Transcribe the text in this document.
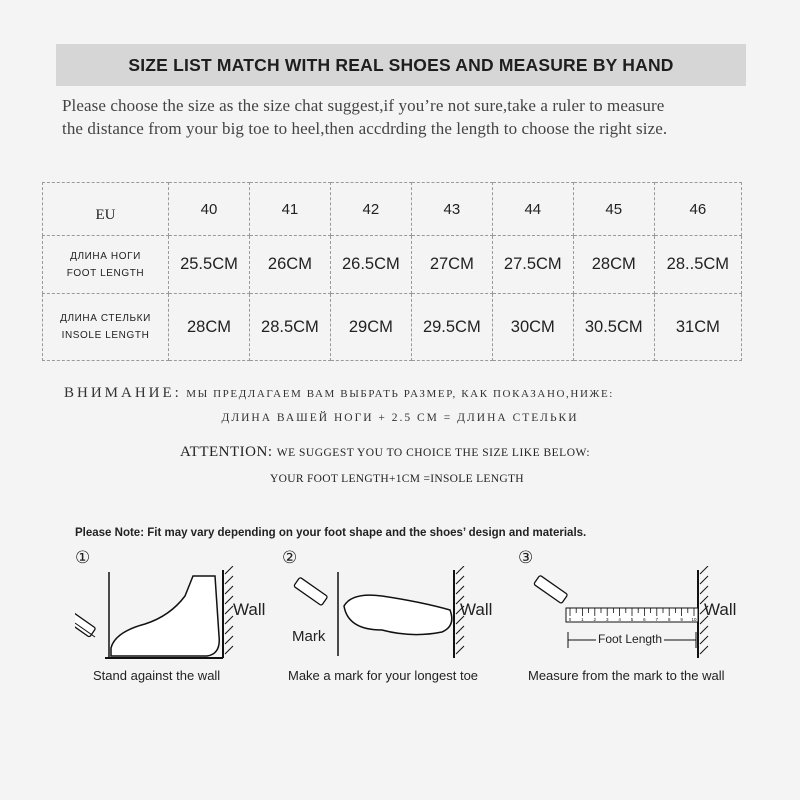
SIZE LIST MATCH WITH REAL SHOES AND MEASURE BY HAND
Please choose the size as the size chat suggest,if you’re not sure,take a ruler to measure
the distance from your big toe to heel,then accdrding the length to choose the right size.
EU	40	41	42	43	44	45	46

ДЛИНА НОГИ
FOOT LENGTH	25.5CM	26CM	26.5CM	27CM	27.5CM	28CM	28..5CM

ДЛИНА СТЕЛЬКИ
INSOLE LENGTH	28CM	28.5CM	29CM	29.5CM	30CM	30.5CM	31CM
ВНИМАНИЕ: МЫ ПРЕДЛАГАЕМ ВАМ ВЫБРАТЬ РАЗМЕР, КАК ПОКАЗАНО,НИЖЕ:
ДЛИНА ВАШЕЙ НОГИ + 2.5 CM = ДЛИНА СТЕЛЬКИ
ATTENTION: WE SUGGEST YOU TO CHOICE THE SIZE LIKE BELOW:
YOUR FOOT LENGTH+1CM =INSOLE LENGTH
Please Note: Fit may vary depending on your foot shape and the shoes’ design and materials.
①
Wall
Stand against the wall
②
Wall
Mark
Make a mark for your longest toe
③
0 1 2 3 4 5 6 7 8 9 10
Wall
Foot Length
Measure from the mark to the wall
